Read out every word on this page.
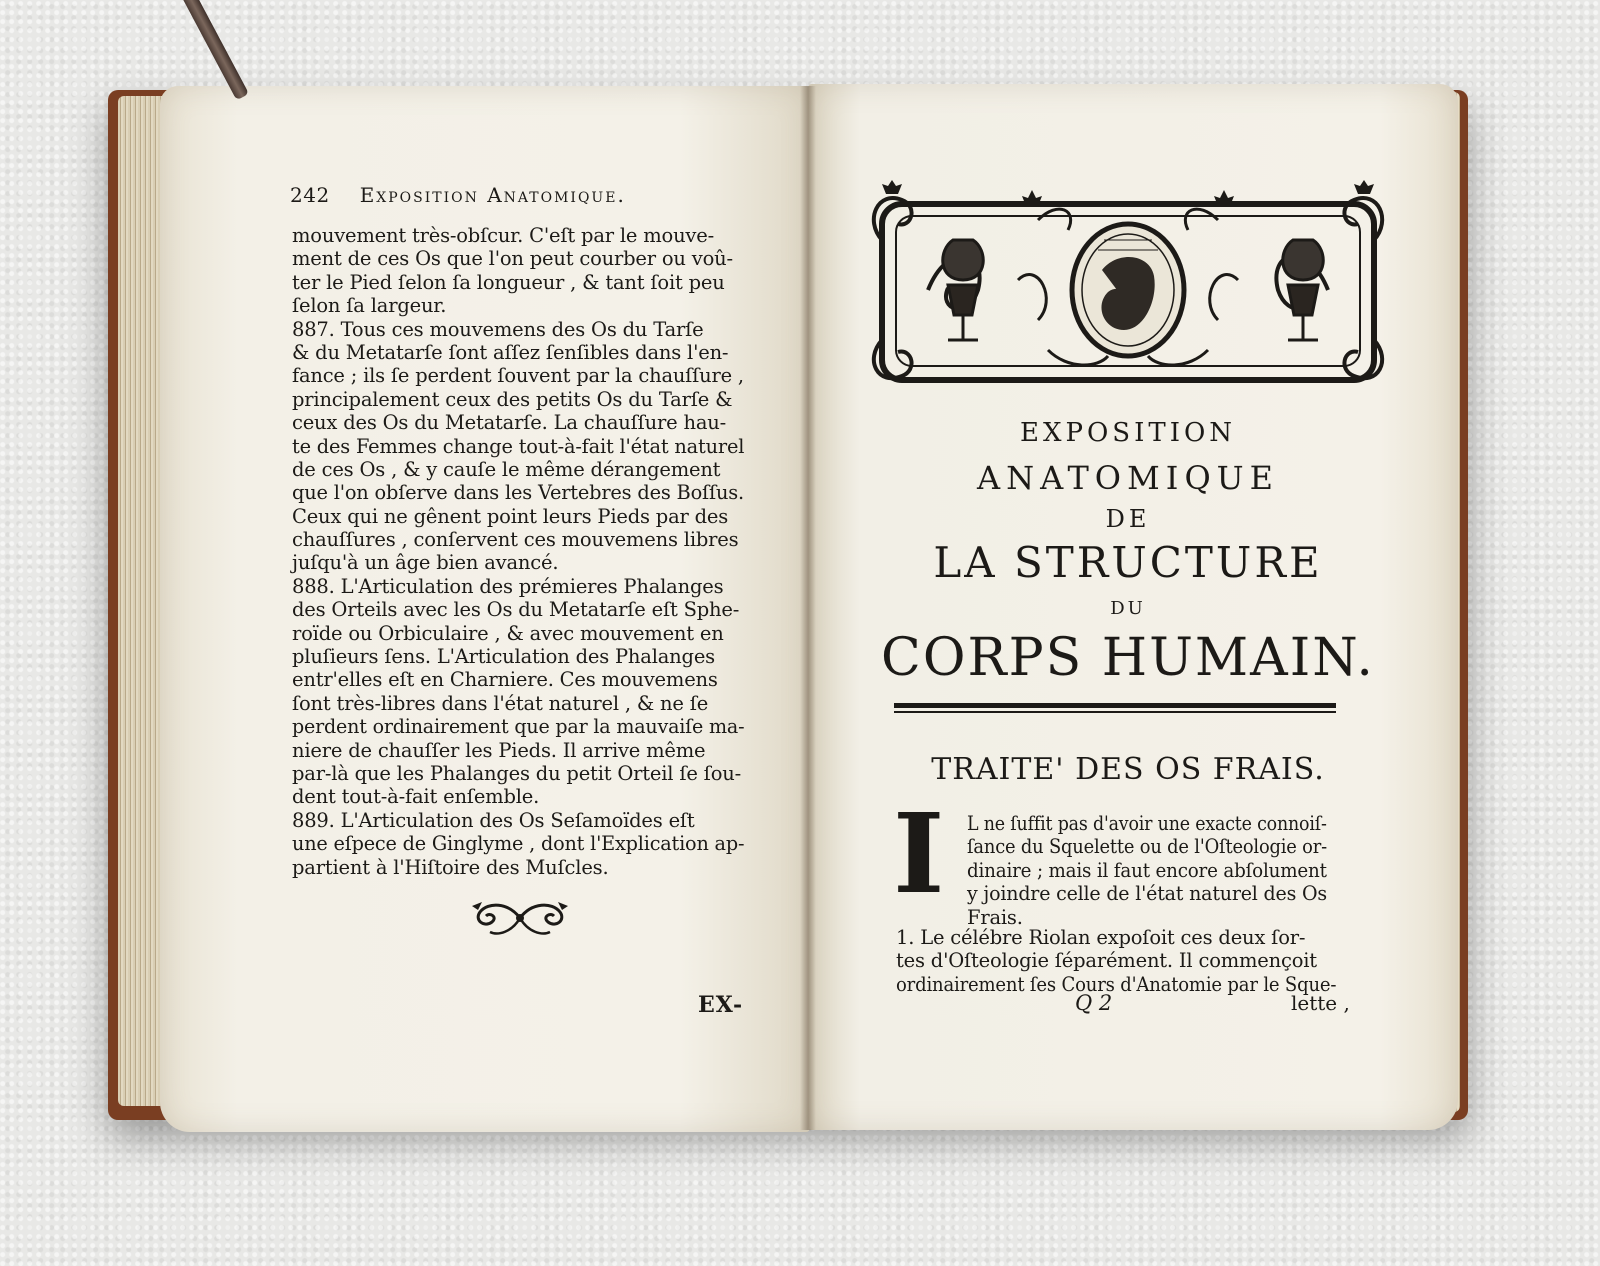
242 Exposition Anatomique.
mouvement très-obſcur. C'eſt par le mouve-
ment de ces Os que l'on peut courber ou voû-
ter le Pied ſelon ſa longueur , & tant ſoit peu
ſelon ſa largeur.
887. Tous ces mouvemens des Os du Tarſe
& du Metatarſe ſont aſſez ſenſibles dans l'en-
fance ; ils ſe perdent ſouvent par la chauſſure ,
principalement ceux des petits Os du Tarſe &
ceux des Os du Metatarſe. La chauſſure hau-
te des Femmes change tout-à-fait l'état naturel
de ces Os , & y cauſe le même dérangement
que l'on obſerve dans les Vertebres des Boſſus.
Ceux qui ne gênent point leurs Pieds par des
chauſſures , conſervent ces mouvemens libres
juſqu'à un âge bien avancé.
888. L'Articulation des prémieres Phalanges
des Orteils avec les Os du Metatarſe eſt Sphe-
roïde ou Orbiculaire , & avec mouvement en
pluſieurs ſens. L'Articulation des Phalanges
entr'elles eſt en Charniere. Ces mouvemens
ſont très-libres dans l'état naturel , & ne ſe
perdent ordinairement que par la mauvaiſe ma-
niere de chauſſer les Pieds. Il arrive même
par-là que les Phalanges du petit Orteil ſe ſou-
dent tout-à-fait enſemble.
889. L'Articulation des Os Seſamoïdes eſt
une eſpece de Ginglyme , dont l'Explication ap-
partient à l'Hiſtoire des Muſcles.
EX-
EXPOSITION
ANATOMIQUE
DE
LA STRUCTURE
DU
CORPS HUMAIN.
TRAITE' DES OS FRAIS.
I L ne ſuffit pas d'avoir une exacte connoiſ-
ſance du Squelette ou de l'Oſteologie or-
dinaire ; mais il faut encore abſolument
y joindre celle de l'état naturel des Os
Frais.
1. Le célébre Riolan expoſoit ces deux ſor-
tes d'Oſteologie ſéparément. Il commençoit
ordinairement ſes Cours d'Anatomie par le Sque-
Q 2	lette ,
